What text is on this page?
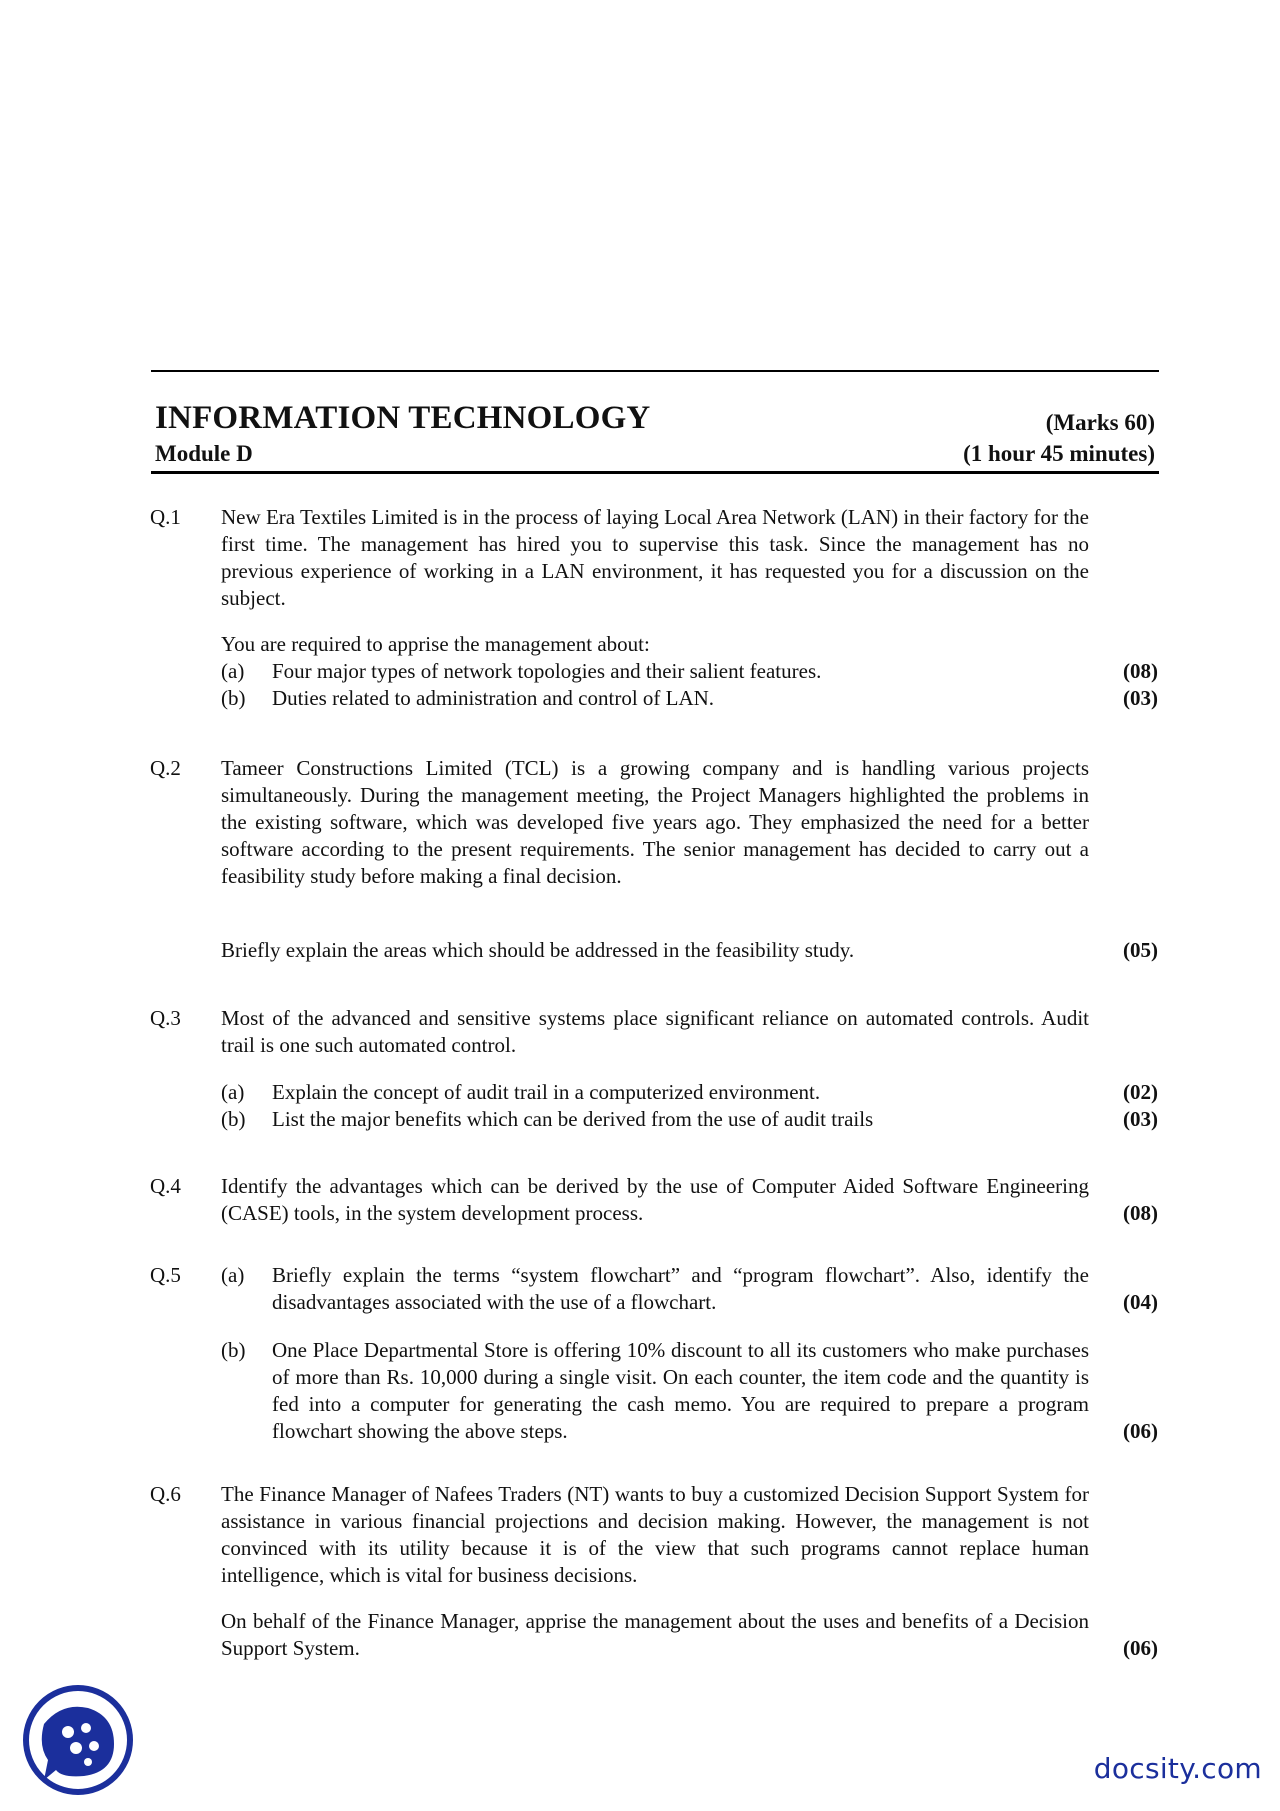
INFORMATION TECHNOLOGY	(Marks 60)
Module D	(1 hour 45 minutes)
Q.1 New Era Textiles Limited is in the process of laying Local Area Network (LAN) in their factory for the first time. The management has hired you to supervise this task. Since the management has no previous experience of working in a LAN environment, it has requested you for a discussion on the subject.
You are required to apprise the management about:
(a) Four major types of network topologies and their salient features.	(08)
(b) Duties related to administration and control of LAN.	(03)
Q.2 Tameer Constructions Limited (TCL) is a growing company and is handling various projects simultaneously. During the management meeting, the Project Managers highlighted the problems in the existing software, which was developed five years ago. They emphasized the need for a better software according to the present requirements. The senior management has decided to carry out a feasibility study before making a final decision.
Briefly explain the areas which should be addressed in the feasibility study.	(05)
Q.3 Most of the advanced and sensitive systems place significant reliance on automated controls. Audit trail is one such automated control.
(a) Explain the concept of audit trail in a computerized environment.	(02)
(b) List the major benefits which can be derived from the use of audit trails	(03)
Q.4 Identify the advantages which can be derived by the use of Computer Aided Software Engineering (CASE) tools, in the system development process.	(08)
Q.5 (a) Briefly explain the terms “system flowchart” and “program flowchart”. Also, identify the disadvantages associated with the use of a flowchart.	(04)
(b) One Place Departmental Store is offering 10% discount to all its customers who make purchases of more than Rs. 10,000 during a single visit. On each counter, the item code and the quantity is fed into a computer for generating the cash memo. You are required to prepare a program flowchart showing the above steps.	(06)
Q.6 The Finance Manager of Nafees Traders (NT) wants to buy a customized Decision Support System for assistance in various financial projections and decision making. However, the management is not convinced with its utility because it is of the view that such programs cannot replace human intelligence, which is vital for business decisions.
On behalf of the Finance Manager, apprise the management about the uses and benefits of a Decision Support System.	(06)
docsity.com
